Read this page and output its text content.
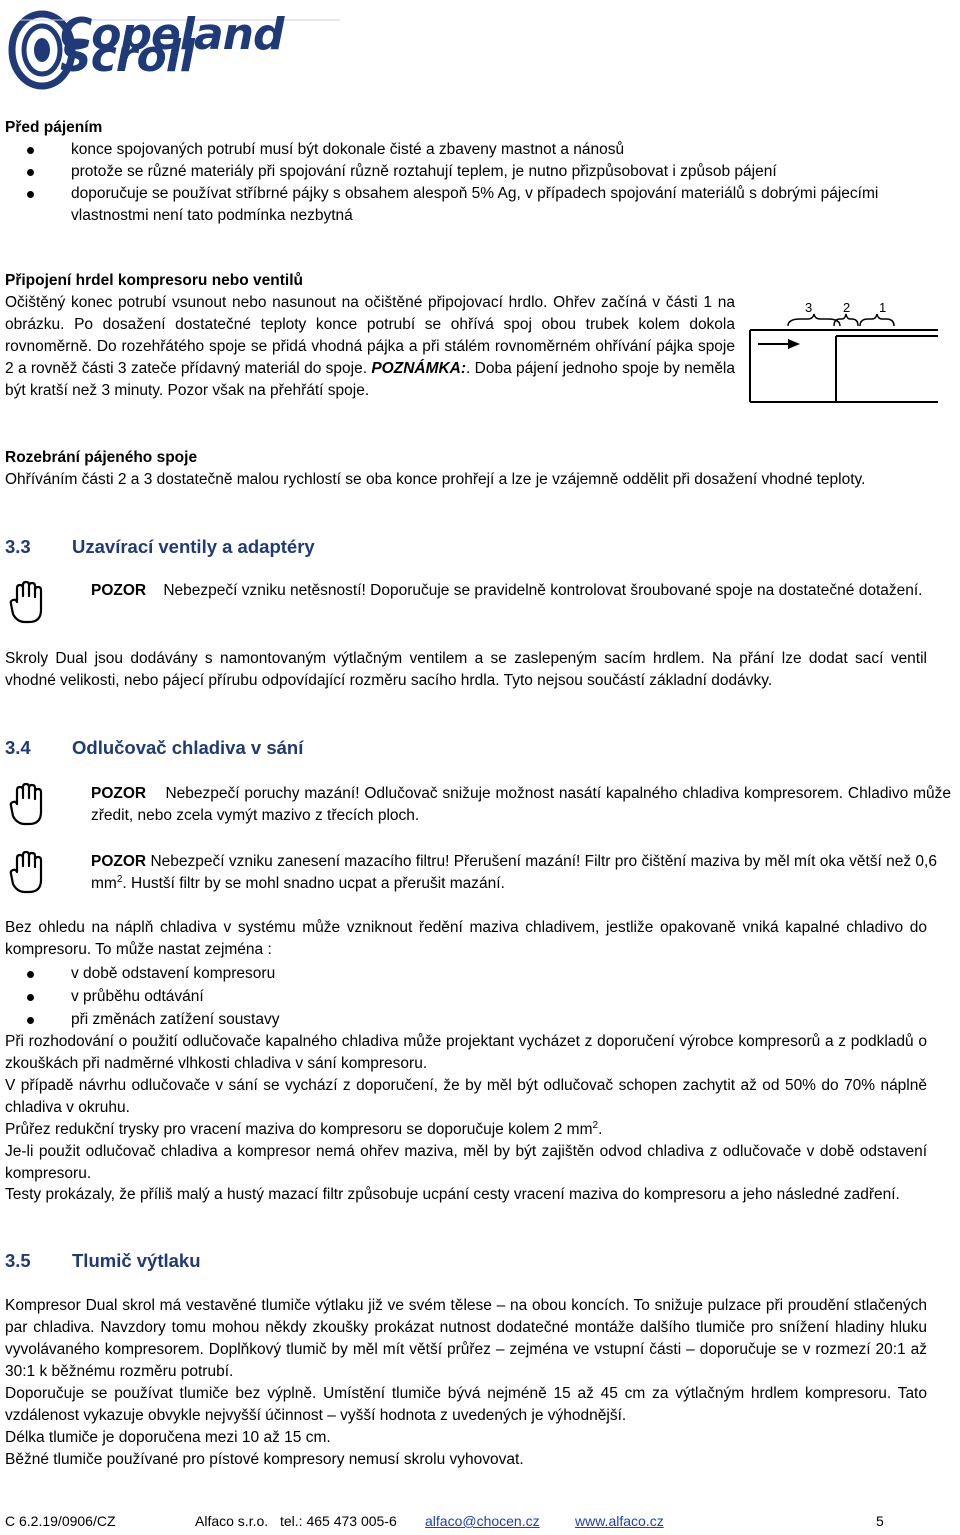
Copeland Scroll
Před pájením
konce spojovaných potrubí musí být dokonale čisté a zbaveny mastnot a nánosů
protože se různé materiály při spojování různě roztahují teplem, je nutno přizpůsobovat i způsob pájení
doporučuje se používat stříbrné pájky s obsahem alespoň 5% Ag, v případech spojování materiálů s dobrými pájecími vlastnostmi není tato podmínka nezbytná
Připojení hrdel kompresoru nebo ventilů
Očištěný konec potrubí vsunout nebo nasunout na očištěné připojovací hrdlo. Ohřev začíná v části 1 na obrázku. Po dosažení dostatečné teploty konce potrubí se ohřívá spoj obou trubek kolem dokola rovnoměrně. Do rozehřátého spoje se přidá vhodná pájka a při stálém rovnoměrném ohřívání pájka spoje 2 a rovněž části 3 zateče přídavný materiál do spoje. POZNÁMKA:. Doba pájení jednoho spoje by neměla být kratší než 3 minuty. Pozor však na přehřátí spoje.
3 2 1
Rozebrání pájeného spoje
Ohříváním části 2 a 3 dostatečně malou rychlostí se oba konce prohřejí a lze je vzájemně oddělit při dosažení vhodné teploty.
3.3 Uzavírací ventily a adaptéry
POZOR Nebezpečí vzniku netěsností! Doporučuje se pravidelně kontrolovat šroubované spoje na dostatečné dotažení.
Skroly Dual jsou dodávány s namontovaným výtlačným ventilem a se zaslepeným sacím hrdlem. Na přání lze dodat sací ventil vhodné velikosti, nebo pájecí přírubu odpovídající rozměru sacího hrdla. Tyto nejsou součástí základní dodávky.
3.4 Odlučovač chladiva v sání
POZOR Nebezpečí poruchy mazání! Odlučovač snižuje možnost nasátí kapalného chladiva kompresorem. Chladivo může zředit, nebo zcela vymýt mazivo z třecích ploch.
POZOR Nebezpečí vzniku zanesení mazacího filtru! Přerušení mazání! Filtr pro čištění maziva by měl mít oka větší než 0,6 $mm^2$. Hustší filtr by se mohl snadno ucpat a přerušit mazání.
Bez ohledu na náplň chladiva v systému může vzniknout ředění maziva chladivem, jestliže opakovaně vniká kapalné chladivo do kompresoru. To může nastat zejména :
v době odstavení kompresoru
v průběhu odtávání
při změnách zatížení soustavy
Při rozhodování o použití odlučovače kapalného chladiva může projektant vycházet z doporučení výrobce kompresorů a z podkladů o zkouškách při nadměrné vlhkosti chladiva v sání kompresoru.
V případě návrhu odlučovače v sání se vychází z doporučení, že by měl být odlučovač schopen zachytit až od 50% do 70% náplně chladiva v okruhu.
Průřez redukční trysky pro vracení maziva do kompresoru se doporučuje kolem 2 $mm^2$.
Je-li použit odlučovač chladiva a kompresor nemá ohřev maziva, měl by být zajištěn odvod chladiva z odlučovače v době odstavení kompresoru.
Testy prokázaly, že příliš malý a hustý mazací filtr způsobuje ucpání cesty vracení maziva do kompresoru a jeho následné zadření.
3.5 Tlumič výtlaku
Kompresor Dual skrol má vestavěné tlumiče výtlaku již ve svém tělese – na obou koncích. To snižuje pulzace při proudění stlačených par chladiva. Navzdory tomu mohou někdy zkoušky prokázat nutnost dodatečné montáže dalšího tlumiče pro snížení hladiny hluku vyvolávaného kompresorem. Doplňkový tlumič by měl mít větší průřez – zejména ve vstupní části – doporučuje se v rozmezí 20:1 až 30:1 k běžnému rozměru potrubí.
Doporučuje se používat tlumiče bez výplně. Umístění tlumiče bývá nejméně 15 až 45 cm za výtlačným hrdlem kompresoru. Tato vzdálenost vykazuje obvykle nejvyšší účinnost – vyšší hodnota z uvedených je výhodnější.
Délka tlumiče je doporučena mezi 10 až 15 cm.
Běžné tlumiče používané pro pístové kompresory nemusí skrolu vyhovovat.
C 6.2.19/0906/CZ	Alfaco s.r.o. tel.: 465 473 005-6 alfaco@chocen.cz	www.alfaco.cz	5
